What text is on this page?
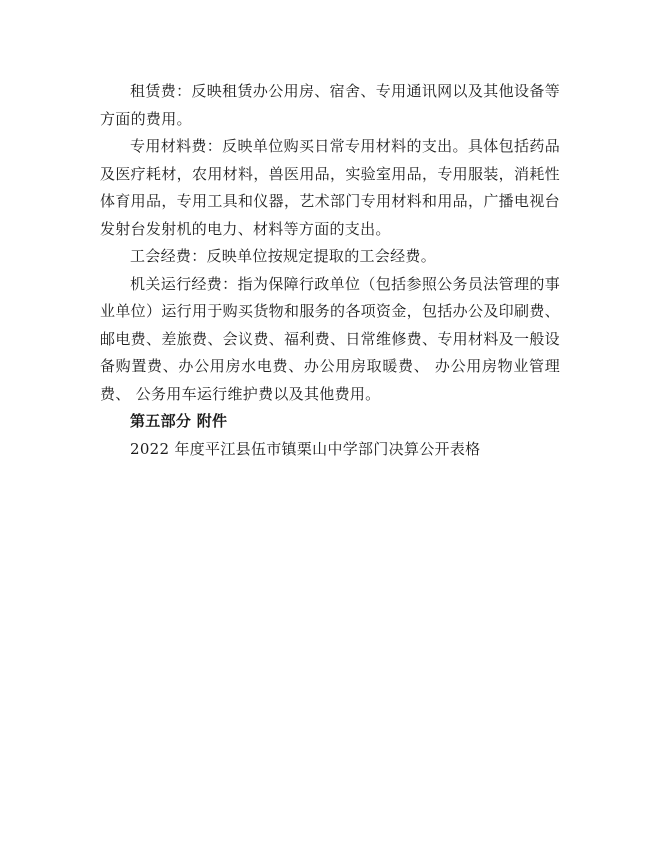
租赁费：反映租赁办公用房、宿舍、专用通讯网以及其他设备等方面的费用。

专用材料费：反映单位购买日常专用材料的支出。具体包括药品及医疗耗材，农用材料，兽医用品，实验室用品，专用服装，消耗性体育用品，专用工具和仪器，艺术部门专用材料和用品，广播电视台发射台发射机的电力、材料等方面的支出。

工会经费：反映单位按规定提取的工会经费。

机关运行经费：指为保障行政单位（包括参照公务员法管理的事业单位）运行用于购买货物和服务的各项资金，包括办公及印刷费、邮电费、差旅费、会议费、福利费、日常维修费、专用材料及一般设备购置费、办公用房水电费、办公用房取暖费、 办公用房物业管理费、 公务用车运行维护费以及其他费用。

第五部分 附件

2022 年度平江县伍市镇栗山中学部门决算公开表格
